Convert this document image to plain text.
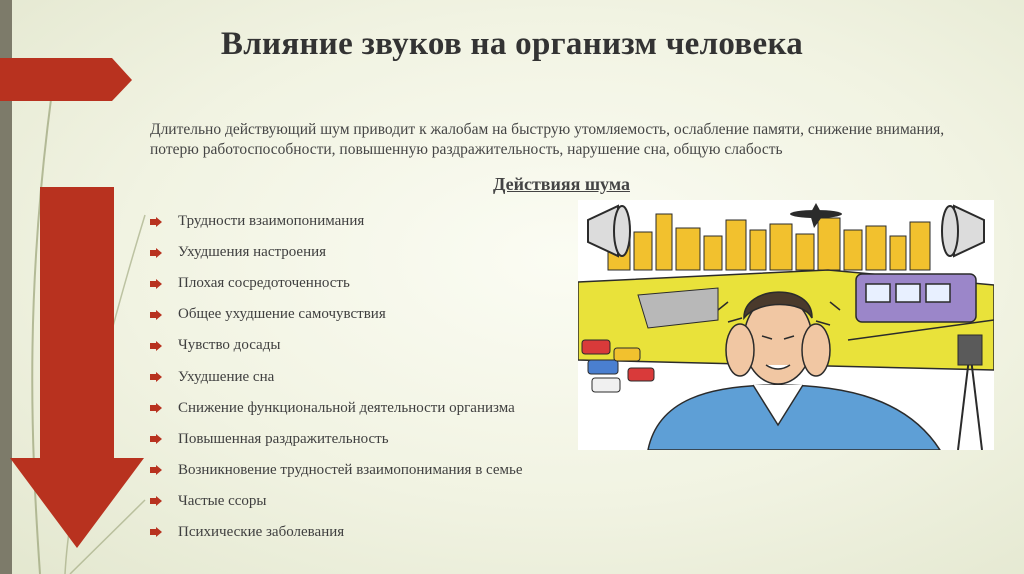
Влияние звуков на организм человека
Длительно действующий шум приводит к жалобам на быструю утомляемость, ослабление памяти, снижение внимания, потерю работоспособности, повышенную раздражительность, нарушение сна, общую слабость
Действияя шума
Трудности взаимопонимания
Ухудшения настроения
Плохая сосредоточенность
Общее ухудшение самочувствия
Чувство досады
Ухудшение сна
Снижение функциональной деятельности организма
Повышенная раздражительность
Возникновение трудностей взаимопонимания в семье
Частые ссоры
Психические заболевания
